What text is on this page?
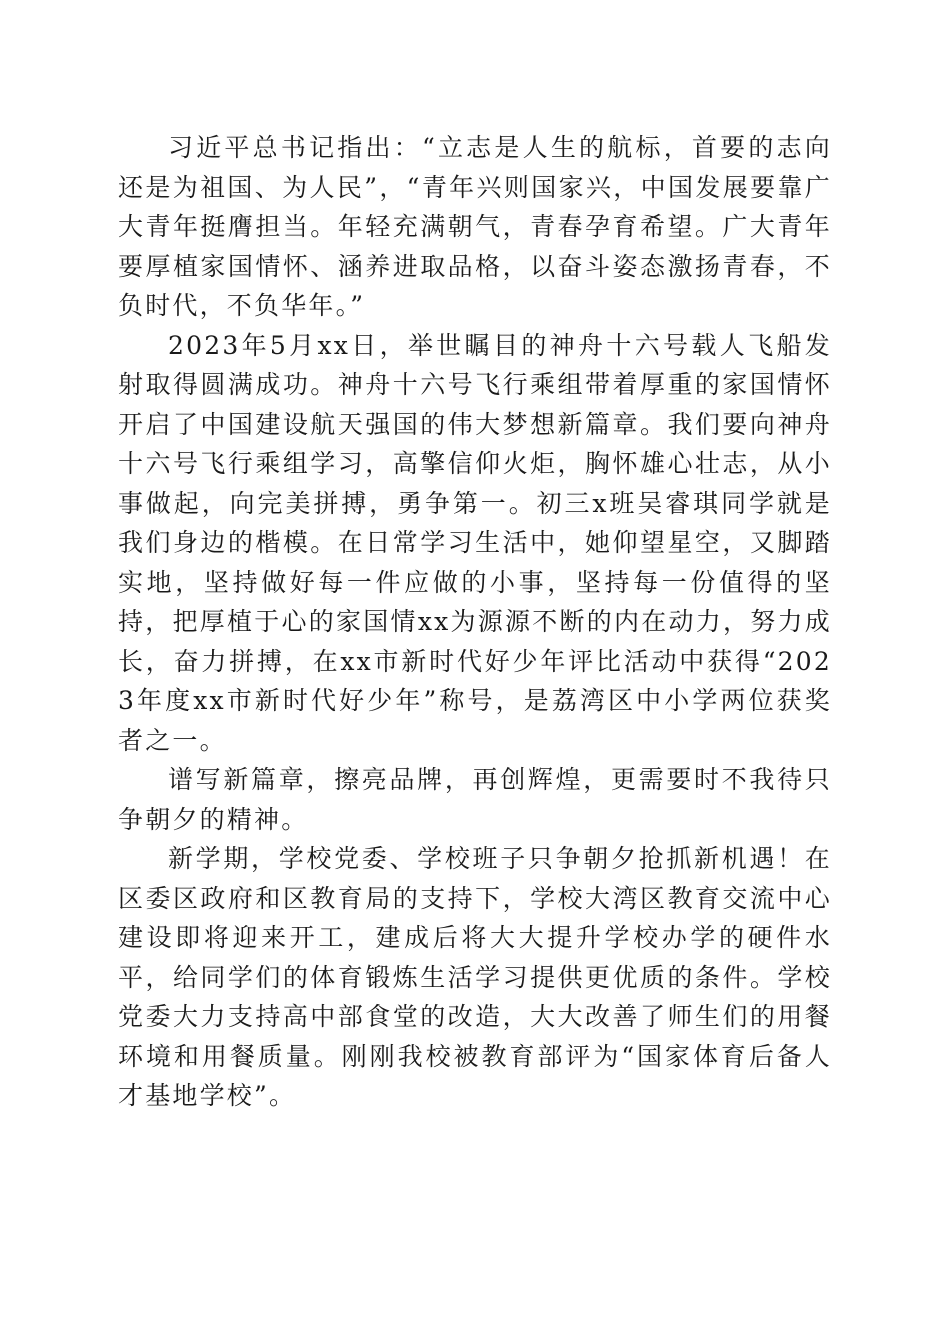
习近平总书记指出：“立志是人生的航标，首要的志向还是为祖国、为人民”，“青年兴则国家兴，中国发展要靠广大青年挺膺担当。年轻充满朝气，青春孕育希望。广大青年要厚植家国情怀、涵养进取品格，以奋斗姿态激扬青春，不负时代，不负华年。”

2023年5月xx日，举世瞩目的神舟十六号载人飞船发射取得圆满成功。神舟十六号飞行乘组带着厚重的家国情怀开启了中国建设航天强国的伟大梦想新篇章。我们要向神舟十六号飞行乘组学习，高擎信仰火炬，胸怀雄心壮志，从小事做起，向完美拼搏，勇争第一。初三x班吴睿琪同学就是我们身边的楷模。在日常学习生活中，她仰望星空，又脚踏实地，坚持做好每一件应做的小事，坚持每一份值得的坚持，把厚植于心的家国情xx为源源不断的内在动力，努力成长，奋力拼搏，在xx市新时代好少年评比活动中获得“2023年度xx市新时代好少年”称号，是荔湾区中小学两位获奖者之一。

谱写新篇章，擦亮品牌，再创辉煌，更需要时不我待只争朝夕的精神。

新学期，学校党委、学校班子只争朝夕抢抓新机遇！在区委区政府和区教育局的支持下，学校大湾区教育交流中心建设即将迎来开工，建成后将大大提升学校办学的硬件水平，给同学们的体育锻炼生活学习提供更优质的条件。学校党委大力支持高中部食堂的改造，大大改善了师生们的用餐环境和用餐质量。刚刚我校被教育部评为“国家体育后备人才基地学校”。
